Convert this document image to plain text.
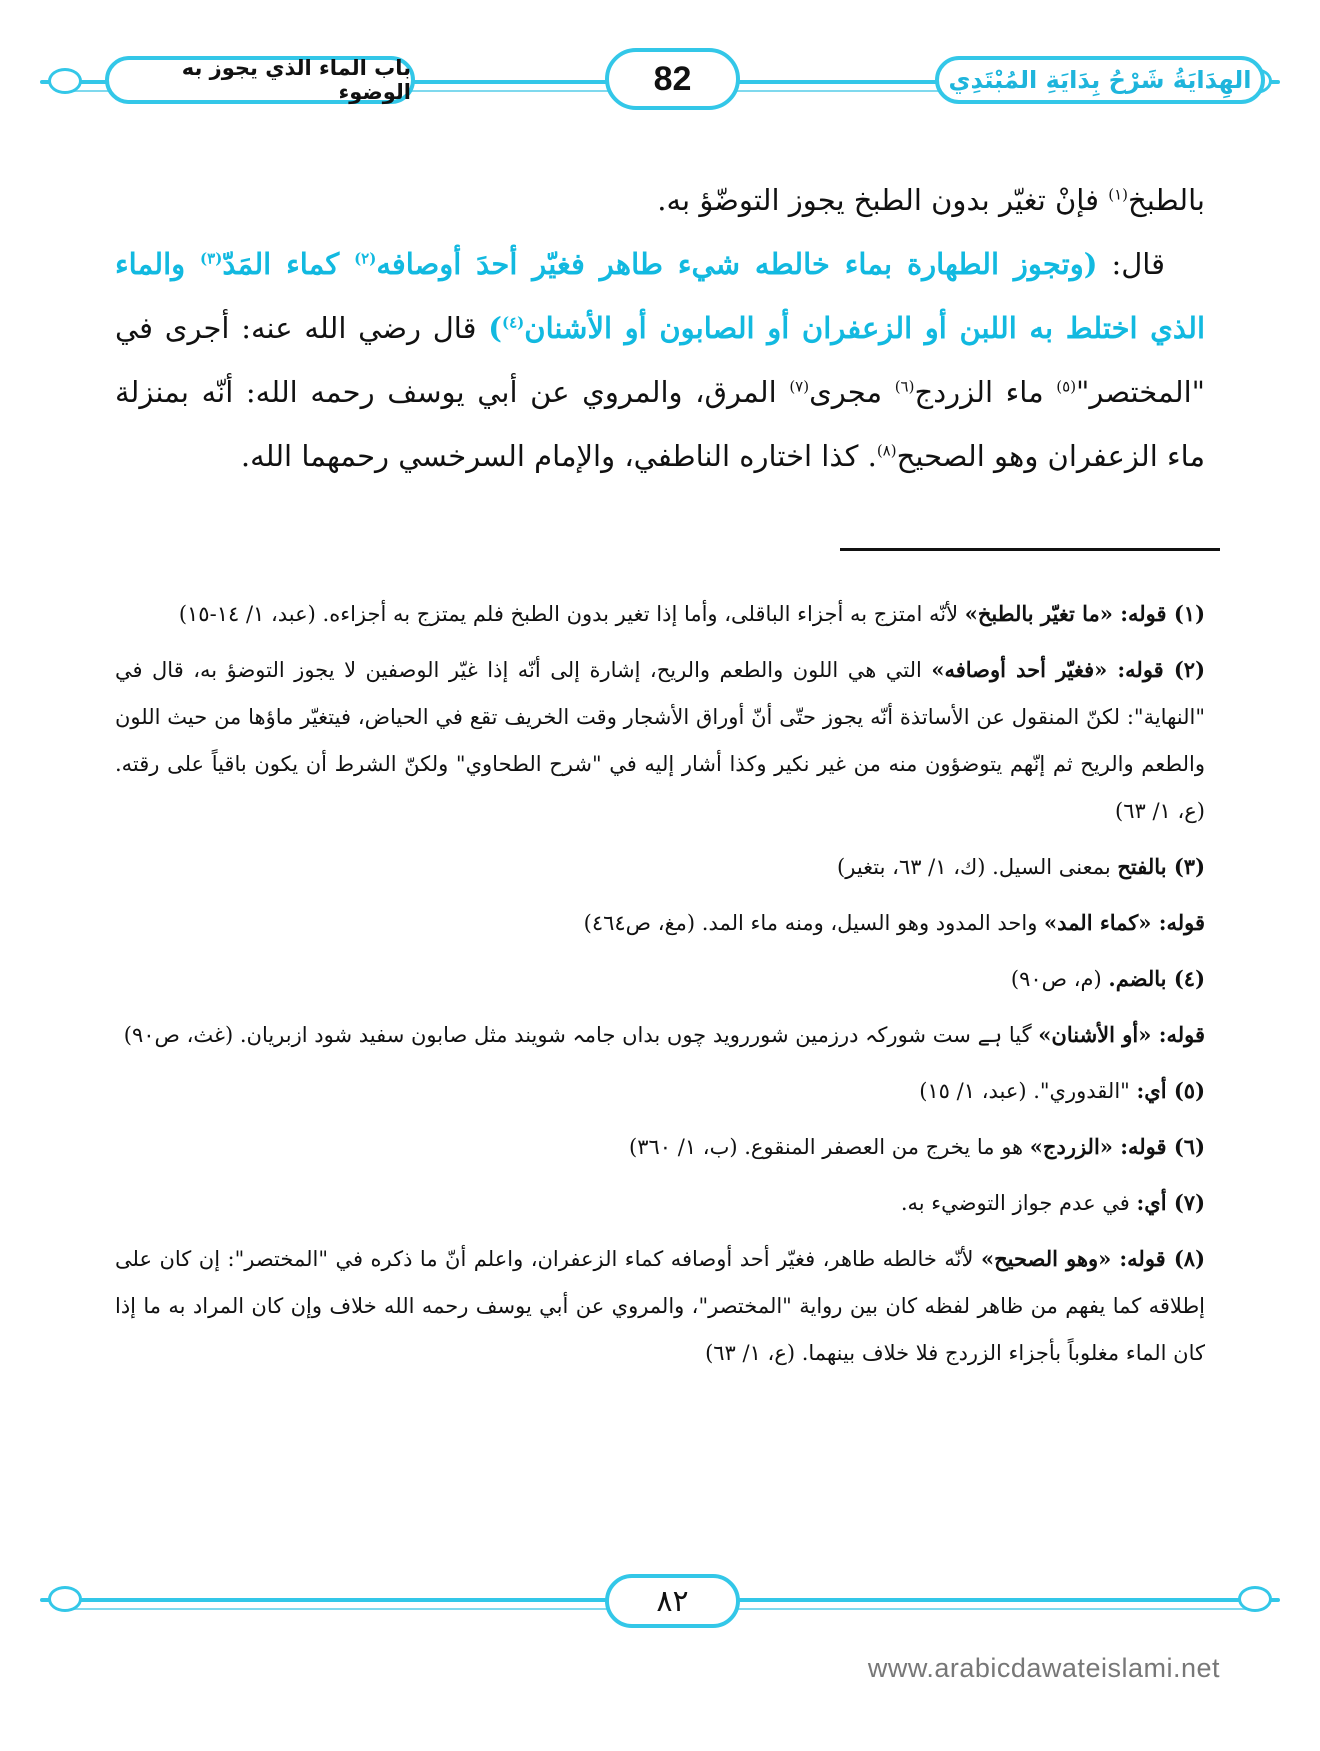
باب الماء الذي يجوز به الوضوء	82	الهِدَايَةُ شَرْحُ بِدَايَةِ المُبْتَدِي

بالطبخ$^{(١)}$ فإنْ تغيّر بدون الطبخ يجوز التوضّؤ به.

قال: (وتجوز الطهارة بماء خالطه شيء طاهر فغيّر أحدَ أوصافه$^{(٢)}$ كماء المَدّ$^{(٣)}$ والماء الذي اختلط به اللبن أو الزعفران أو الصابون أو الأشنان$^{(٤)}$) قال رضي الله عنه: أجرى في "المختصر"$^{(٥)}$ ماء الزردج$^{(٦)}$ مجرى$^{(٧)}$ المرق، والمروي عن أبي يوسف رحمه الله: أنّه بمنزلة ماء الزعفران وهو الصحيح$^{(٨)}$. كذا اختاره الناطفي، والإمام السرخسي رحمهما الله.

(١) قوله: «ما تغيّر بالطبخ» لأنّه امتزج به أجزاء الباقلى، وأما إذا تغير بدون الطبخ فلم يمتزج به أجزاءه. (عبد، ١/ ١٤-١٥)

(٢) قوله: «فغيّر أحد أوصافه» التي هي اللون والطعم والريح، إشارة إلى أنّه إذا غيّر الوصفين لا يجوز التوضؤ به، قال في "النهاية": لكنّ المنقول عن الأساتذة أنّه يجوز حتّى أنّ أوراق الأشجار وقت الخريف تقع في الحياض، فيتغيّر ماؤها من حيث اللون والطعم والريح ثم إنّهم يتوضؤون منه من غير نكير وكذا أشار إليه في "شرح الطحاوي" ولكنّ الشرط أن يكون باقياً على رقته. (ع، ١/ ٦٣)

(٣) بالفتح بمعنى السيل. (ك، ١/ ٦٣، بتغير)

قوله: «كماء المد» واحد المدود وهو السيل، ومنه ماء المد. (مغ، ص٤٦٤)

(٤) بالضم. (م، ص٩٠)

قوله: «أو الأشنان» گیا ہے ست شورکہ درزمین شورروید چوں بداں جامہ شویند مثل صابون سفید شود ازبریان. (غث، ص٩٠)

(٥) أي: "القدوري". (عبد، ١/ ١٥)

(٦) قوله: «الزردج» هو ما يخرج من العصفر المنقوع. (ب، ١/ ٣٦٠)

(٧) أي: في عدم جواز التوضيء به.

(٨) قوله: «وهو الصحيح» لأنّه خالطه طاهر، فغيّر أحد أوصافه كماء الزعفران، واعلم أنّ ما ذكره في "المختصر": إن كان على إطلاقه كما يفهم من ظاهر لفظه كان بين رواية "المختصر"، والمروي عن أبي يوسف رحمه الله خلاف وإن كان المراد به ما إذا كان الماء مغلوباً بأجزاء الزردج فلا خلاف بينهما. (ع، ١/ ٦٣)

٨٢
www.arabicdawateislami.net
